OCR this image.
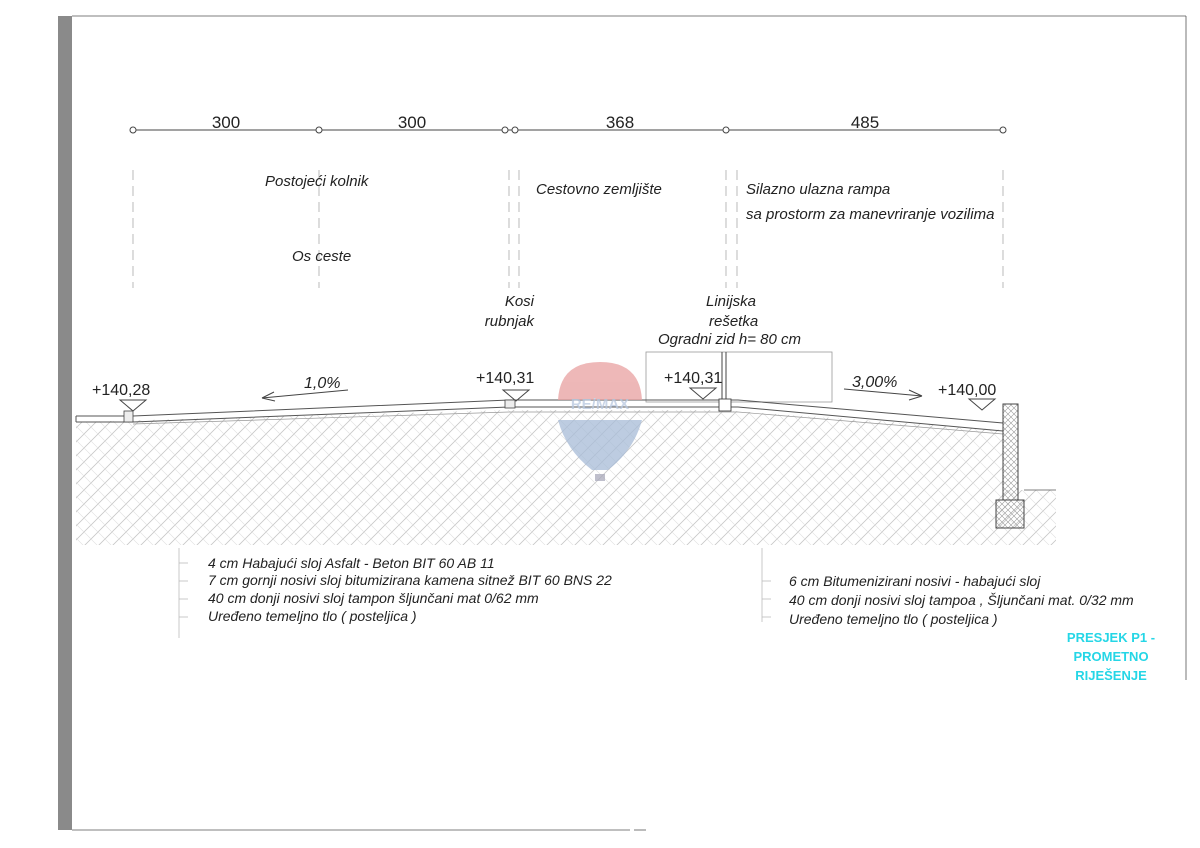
300	300	368	485
Postojeći kolnik
Os ceste
Cestovno zemljište	Silazno ulazna rampa
sa prostorm za manevriranje vozilima
Kosi
rubnjak
Linijska
rešetka
Ogradni zid h= 80 cm
+140,28
+140,31	+140,31
+140,00
1,0%	3,00%
RE/MAX
4 cm Habajući sloj Asfalt - Beton BIT 60 AB 11
7 cm gornji nosivi sloj bitumizirana kamena sitnež BIT 60 BNS 22
40 cm donji nosivi sloj tampon šljunčani mat 0/62 mm
Uređeno temeljno tlo ( posteljica )
6 cm Bitumenizirani nosivi - habajući sloj
40 cm donji nosivi sloj tampoa , Šljunčani mat. 0/32 mm
Uređeno temeljno tlo ( posteljica )
PRESJEK P1 -
PROMETNO
RIJEŠENJE
